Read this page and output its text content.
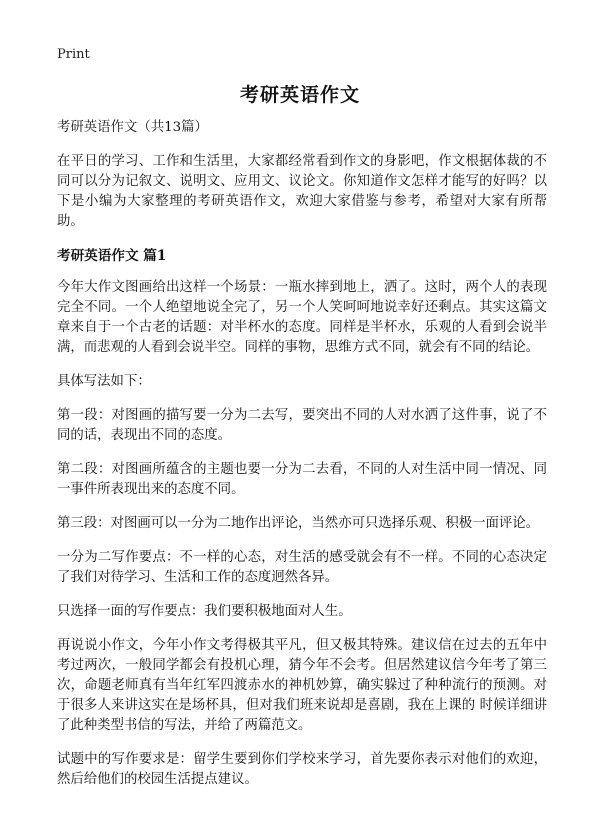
Print
考研英语作文

考研英语作文（共13篇）

在平日的学习、工作和生活里，大家都经常看到作文的身影吧，作文根据体裁的不同可以分为记叙文、说明文、应用文、议论文。你知道作文怎样才能写的好吗？以下是小编为大家整理的考研英语作文，欢迎大家借鉴与参考，希望对大家有所帮助。

考研英语作文 篇1

今年大作文图画给出这样一个场景：一瓶水摔到地上，洒了。这时，两个人的表现完全不同。一个人绝望地说全完了，另一个人笑呵呵地说幸好还剩点。其实这篇文章来自于一个古老的话题：对半杯水的态度。同样是半杯水，乐观的人看到会说半满，而悲观的人看到会说半空。同样的事物，思维方式不同，就会有不同的结论。

具体写法如下：

第一段：对图画的描写要一分为二去写，要突出不同的人对水洒了这件事，说了不同的话，表现出不同的态度。

第二段：对图画所蕴含的主题也要一分为二去看，不同的人对生活中同一情况、同一事件所表现出来的态度不同。

第三段：对图画可以一分为二地作出评论，当然亦可只选择乐观、积极一面评论。

一分为二写作要点：不一样的心态，对生活的感受就会有不一样。不同的心态决定了我们对待学习、生活和工作的态度迥然各异。

只选择一面的写作要点：我们要积极地面对人生。

再说说小作文，今年小作文考得极其平凡，但又极其特殊。建议信在过去的五年中考过两次，一般同学都会有投机心理，猜今年不会考。但居然建议信今年考了第三次，命题老师真有当年红军四渡赤水的神机妙算，确实躲过了种种流行的预测。对于很多人来讲这实在是场杯具，但对我们班来说却是喜剧，我在上课的 时候详细讲了此种类型书信的写法，并给了两篇范文。

试题中的写作要求是：留学生要到你们学校来学习，首先要你表示对他们的欢迎，然后给他们的校园生活提点建议。
